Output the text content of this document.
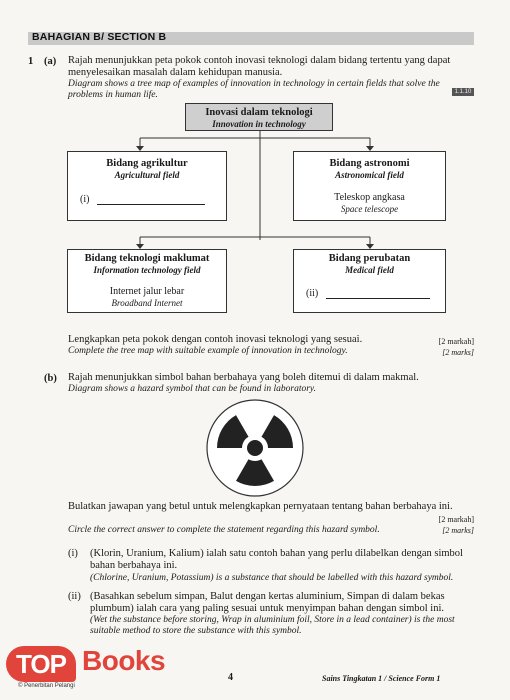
BAHAGIAN B/ SECTION B
1 (a) Rajah menunjukkan peta pokok contoh inovasi teknologi dalam bidang tertentu yang dapat menyelesaikan masalah dalam kehidupan manusia.
Diagram shows a tree map of examples of innovation in technology in certain fields that solve the problems in human life.	1.1.10
Inovasi dalam teknologi
Innovation in technology
Bidang agrikultur
Agricultural field
(i)
Bidang astronomi
Astronomical field
Teleskop angkasa
Space telescope
Bidang teknologi maklumat
Information technology field
Internet jalur lebar
Broadband Internet
Bidang perubatan
Medical field
(ii)
Lengkapkan peta pokok dengan contoh inovasi teknologi yang sesuai.
Complete the tree map with suitable example of innovation in technology.
[2 markah]
[2 marks]
(b) Rajah menunjukkan simbol bahan berbahaya yang boleh ditemui di dalam makmal.
Diagram shows a hazard symbol that can be found in laboratory.
Bulatkan jawapan yang betul untuk melengkapkan pernyataan tentang bahan berbahaya ini.
[2 markah]
Circle the correct answer to complete the statement regarding this hazard symbol.	[2 marks]
(i) (Klorin, Uranium, Kalium) ialah satu contoh bahan yang perlu dilabelkan dengan simbol bahan berbahaya ini.
(Chlorine, Uranium, Potassium) is a substance that should be labelled with this hazard symbol.
(ii) (Basahkan sebelum simpan, Balut dengan kertas aluminium, Simpan di dalam bekas plumbum) ialah cara yang paling sesuai untuk menyimpan bahan dengan simbol ini.
(Wet the substance before storing, Wrap in aluminium foil, Store in a lead container) is the most suitable method to store the substance with this symbol.
4	Sains Tingkatan 1 / Science Form 1
TOP Books
© Penerbitan Pelangi
